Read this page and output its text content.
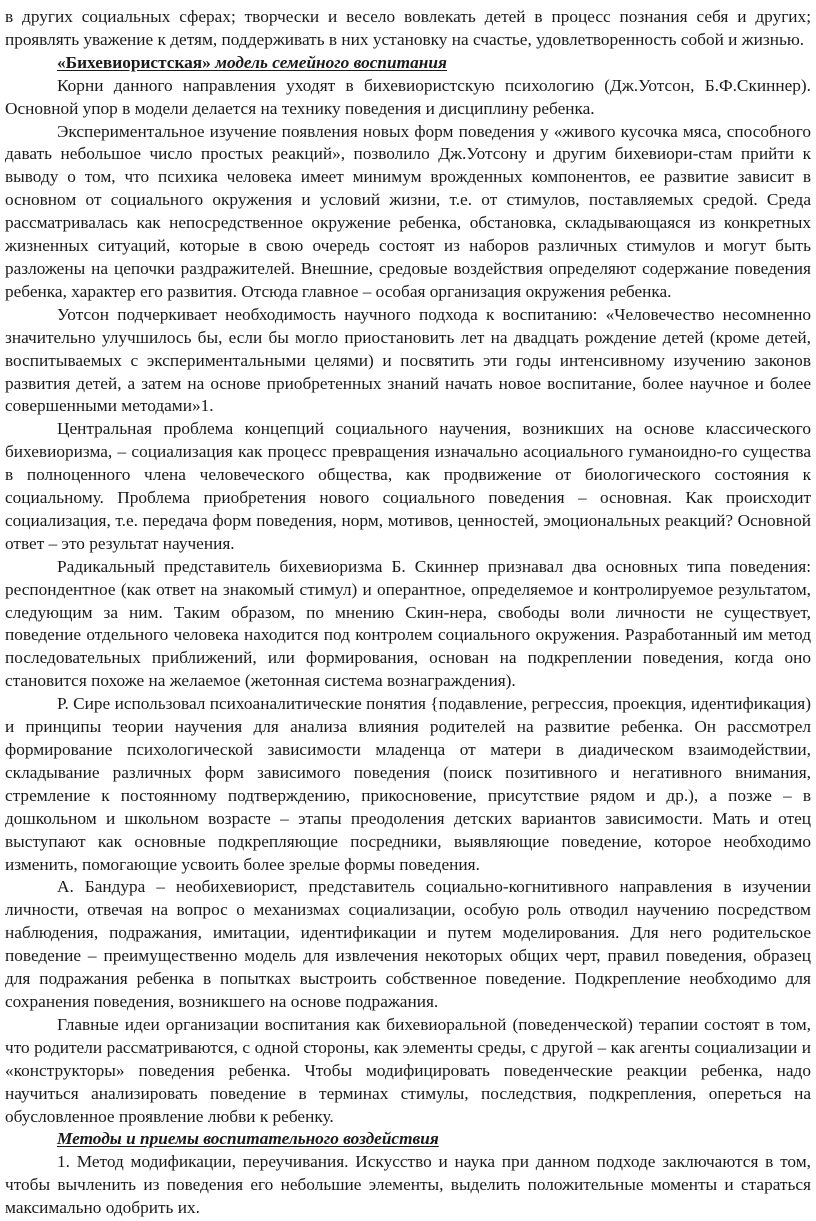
в других социальных сферах; творчески и весело вовлекать детей в процесс познания себя и других; проявлять уважение к детям, поддерживать в них установку на счастье, удовлетворенность собой и жизнью.

«Бихевиористская» модель семейного воспитания

Корни данного направления уходят в бихевиористскую психологию (Дж.Уотсон, Б.Ф.Скиннер). Основной упор в модели делается на технику поведения и дисциплину ребенка.

Экспериментальное изучение появления новых форм поведения у «живого кусочка мяса, способного давать небольшое число простых реакций», позволило Дж.Уотсону и другим бихевиори-стам прийти к выводу о том, что психика человека имеет минимум врожденных компонентов, ее развитие зависит в основном от социального окружения и условий жизни, т.е. от стимулов, поставляемых средой. Среда рассматривалась как непосредственное окружение ребенка, обстановка, складывающаяся из конкретных жизненных ситуаций, которые в свою очередь состоят из наборов различных стимулов и могут быть разложены на цепочки раздражителей. Внешние, средовые воздействия определяют содержание поведения ребенка, характер его развития. Отсюда главное – особая организация окружения ребенка.

Уотсон подчеркивает необходимость научного подхода к воспитанию: «Человечество несомненно значительно улучшилось бы, если бы могло приостановить лет на двадцать рождение детей (кроме детей, воспитываемых с экспериментальными целями) и посвятить эти годы интенсивному изучению законов развития детей, а затем на основе приобретенных знаний начать новое воспитание, более научное и более совершенными методами»1.

Центральная проблема концепций социального научения, возникших на основе классического бихевиоризма, – социализация как процесс превращения изначально асоциального гуманоидно-го существа в полноценного члена человеческого общества, как продвижение от биологического состояния к социальному. Проблема приобретения нового социального поведения – основная. Как происходит социализация, т.е. передача форм поведения, норм, мотивов, ценностей, эмоциональных реакций? Основной ответ – это результат научения.

Радикальный представитель бихевиоризма Б. Скиннер признавал два основных типа поведения: респондентное (как ответ на знакомый стимул) и оперантное, определяемое и контролируемое результатом, следующим за ним. Таким образом, по мнению Скин-нера, свободы воли личности не существует, поведение отдельного человека находится под контролем социального окружения. Разработанный им метод последовательных приближений, или формирования, основан на подкреплении поведения, когда оно становится похоже на желаемое (жетонная система вознаграждения).

Р. Сире использовал психоаналитические понятия {подавление, регрессия, проекция, идентификация) и принципы теории научения для анализа влияния родителей на развитие ребенка. Он рассмотрел формирование психологической зависимости младенца от матери в диадическом взаимодействии, складывание различных форм зависимого поведения (поиск позитивного и негативного внимания, стремление к постоянному подтверждению, прикосновение, присутствие рядом и др.), а позже – в дошкольном и школьном возрасте – этапы преодоления детских вариантов зависимости. Мать и отец выступают как основные подкрепляющие посредники, выявляющие поведение, которое необходимо изменить, помогающие усвоить более зрелые формы поведения.

А. Бандура – необихевиорист, представитель социально-когнитивного направления в изучении личности, отвечая на вопрос о механизмах социализации, особую роль отводил научению посредством наблюдения, подражания, имитации, идентификации и путем моделирования. Для него родительское поведение – преимущественно модель для извлечения некоторых общих черт, правил поведения, образец для подражания ребенка в попытках выстроить собственное поведение. Подкрепление необходимо для сохранения поведения, возникшего на основе подражания.

Главные идеи организации воспитания как бихевиоральной (поведенческой) терапии состоят в том, что родители рассматриваются, с одной стороны, как элементы среды, с другой – как агенты социализации и «конструкторы» поведения ребенка. Чтобы модифицировать поведенческие реакции ребенка, надо научиться анализировать поведение в терминах стимулы, последствия, подкрепления, опереться на обусловленное проявление любви к ребенку.

Методы и приемы воспитательного воздействия

1. Метод модификации, переучивания. Искусство и наука при данном подходе заключаются в том, чтобы вычленить из поведения его небольшие элементы, выделить положительные моменты и стараться максимально одобрить их.
